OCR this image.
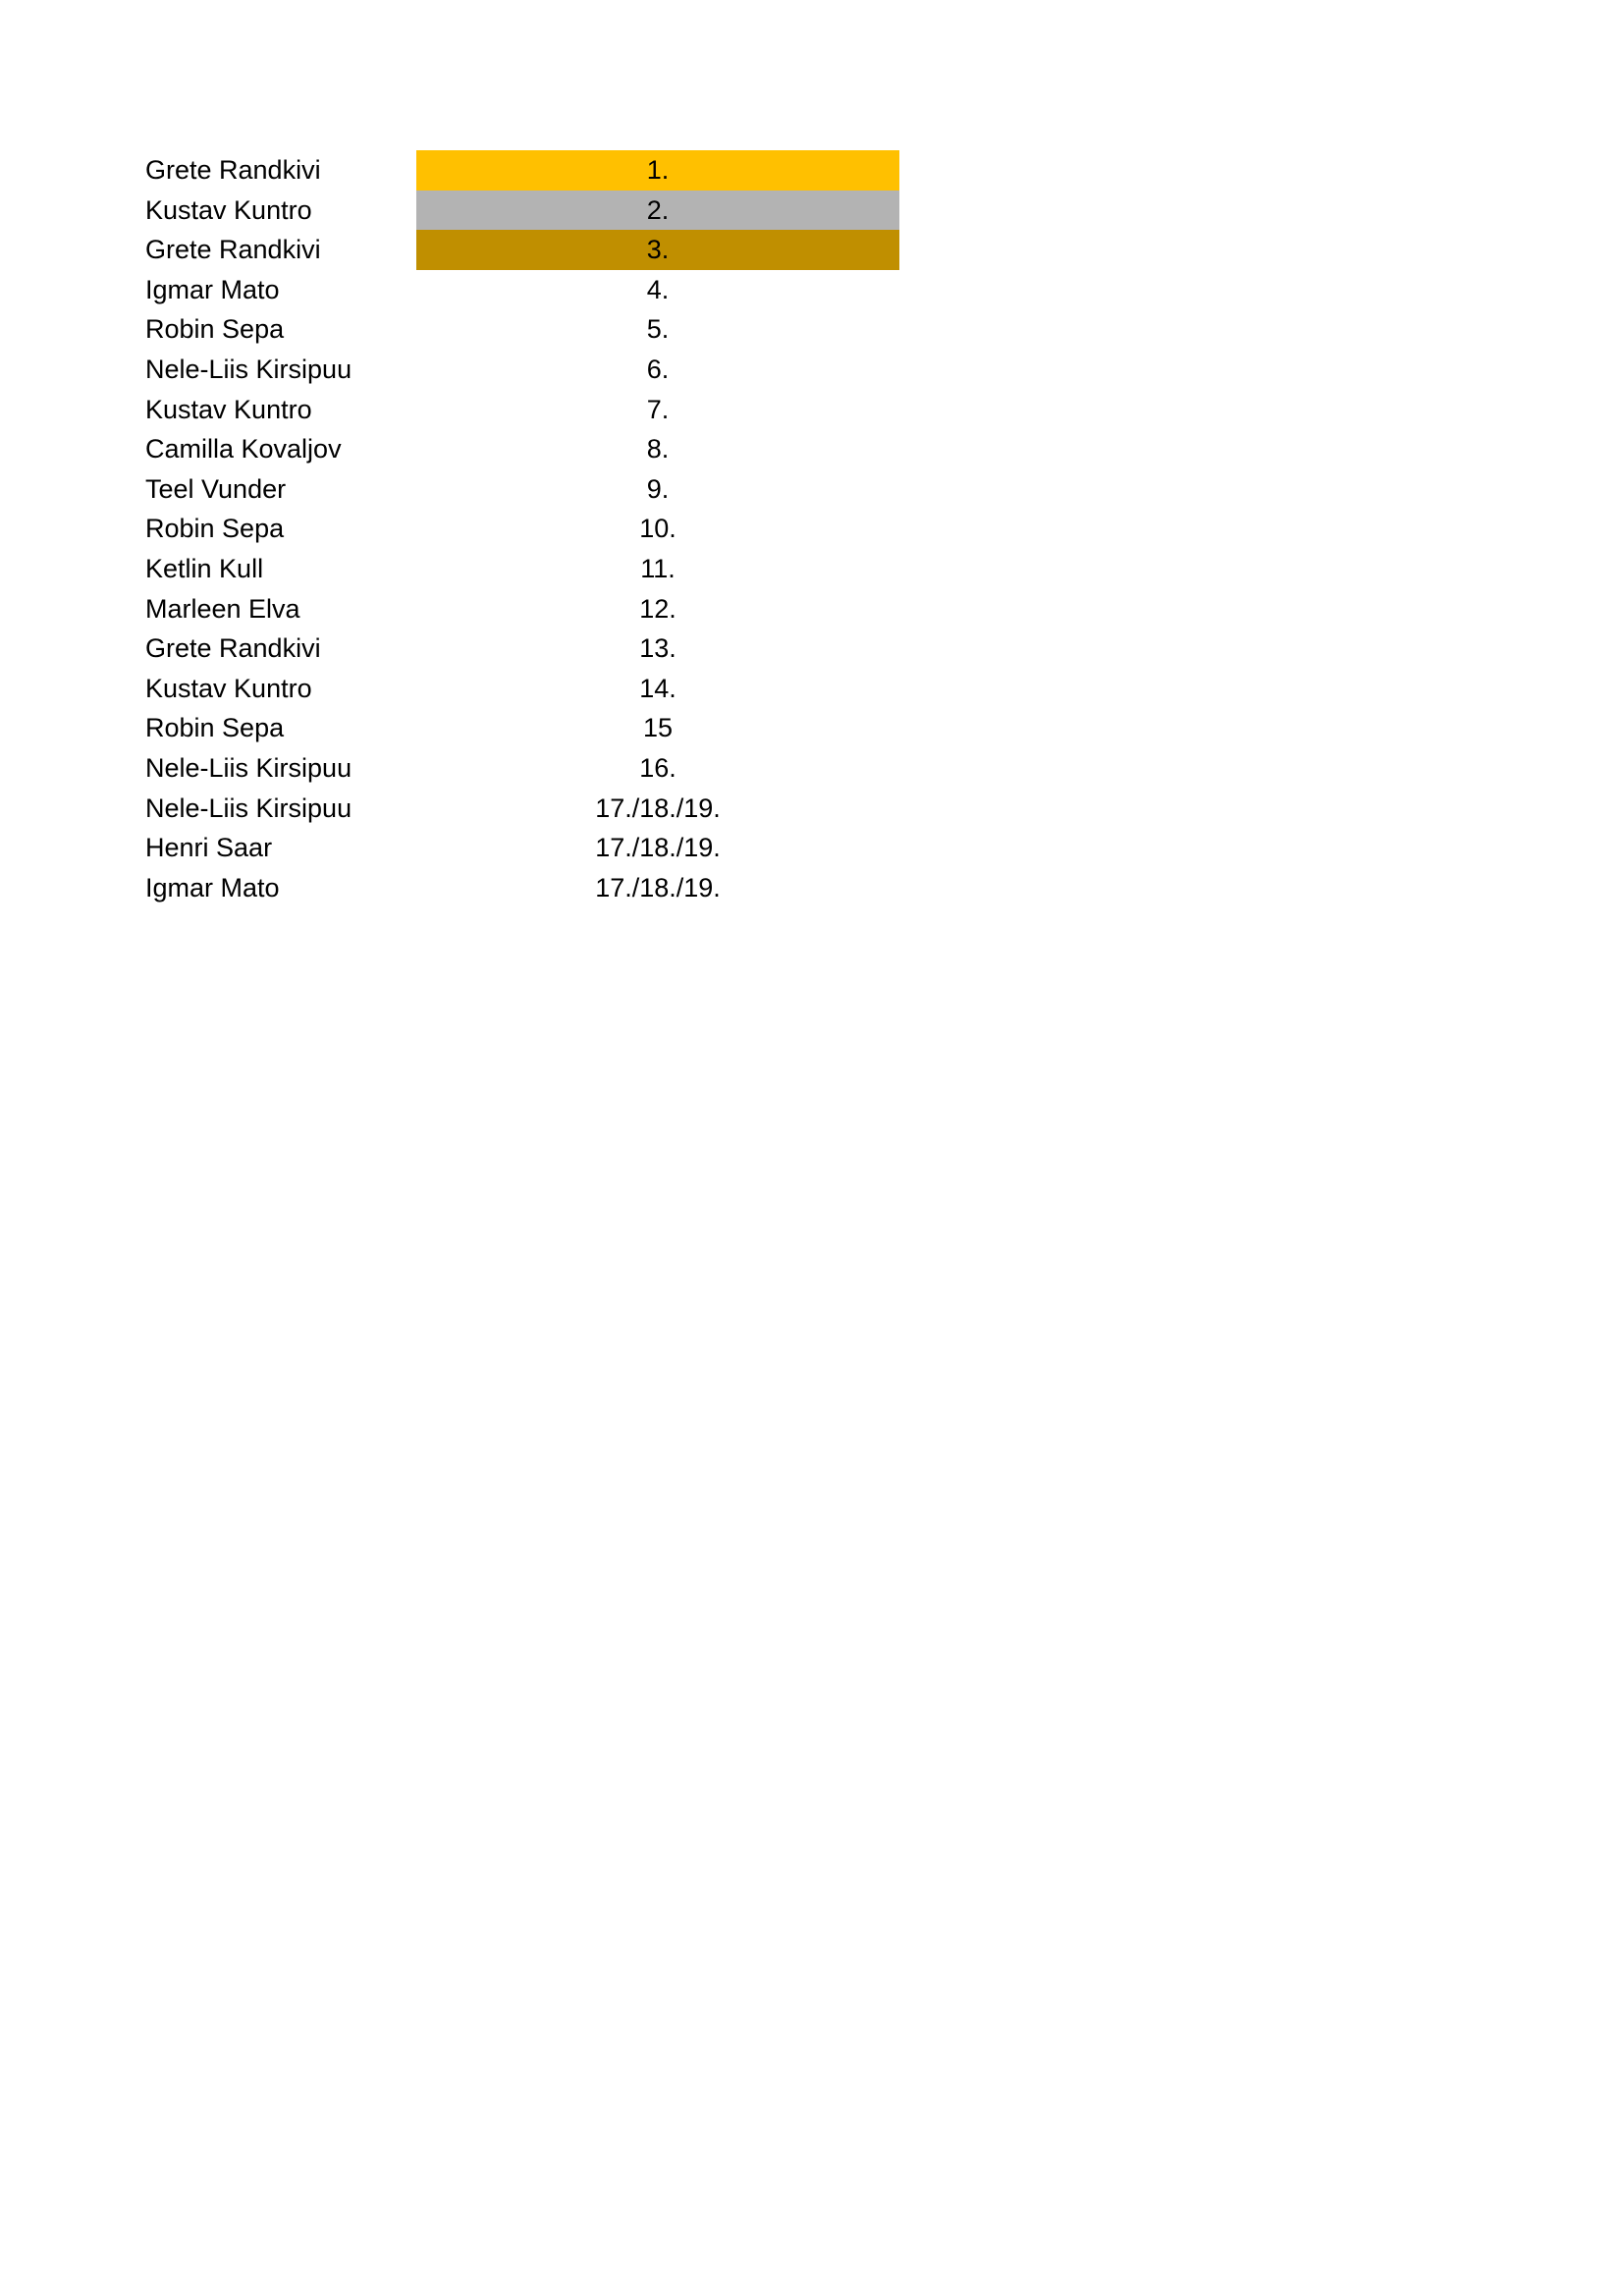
Grete Randkivi	1.
Kustav Kuntro	2.
Grete Randkivi	3.
Igmar Mato	4.
Robin Sepa	5.
Nele-Liis Kirsipuu	6.
Kustav Kuntro	7.
Camilla Kovaljov	8.
Teel Vunder	9.
Robin Sepa	10.
Ketlin Kull	11.
Marleen Elva	12.
Grete Randkivi	13.
Kustav Kuntro	14.
Robin Sepa	15
Nele-Liis Kirsipuu	16.
Nele-Liis Kirsipuu	17./18./19.
Henri Saar	17./18./19.
Igmar Mato	17./18./19.
